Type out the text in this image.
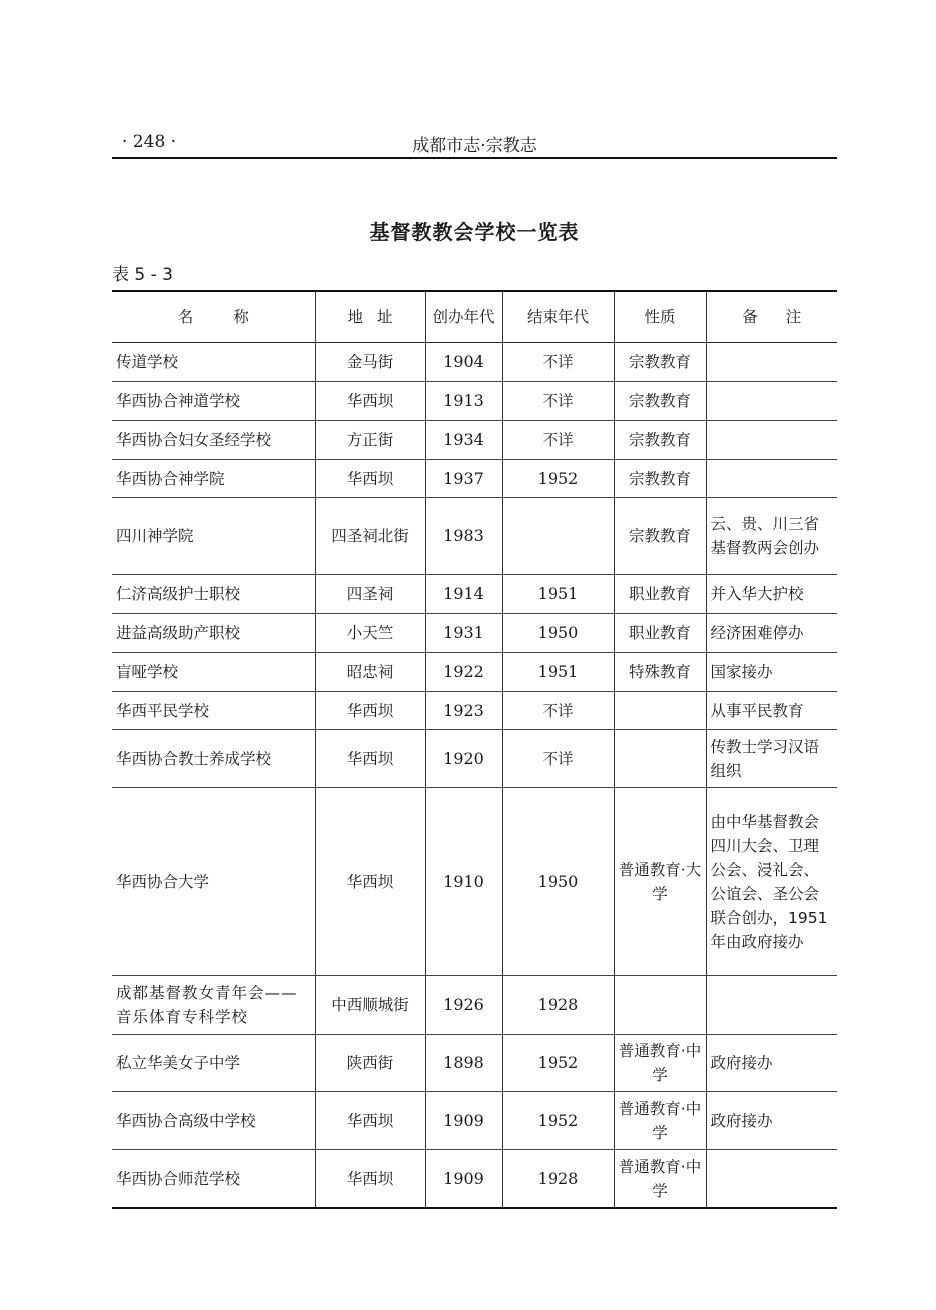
· 248 ·	成都市志·宗教志
基督教教会学校一览表
表 5 - 3
名称	地址	创办年代	结束年代	性质	备注
传道学校	金马街	1904	不详	宗教教育	
华西协合神道学校	华西坝	1913	不详	宗教教育	
华西协合妇女圣经学校	方正街	1934	不详	宗教教育	
华西协合神学院	华西坝	1937	1952	宗教教育	
四川神学院	四圣祠北街	1983		宗教教育	云、贵、川三省基督教两会创办
仁济高级护士职校	四圣祠	1914	1951	职业教育	并入华大护校
进益高级助产职校	小天竺	1931	1950	职业教育	经济困难停办
盲哑学校	昭忠祠	1922	1951	特殊教育	国家接办
华西平民学校	华西坝	1923	不详		从事平民教育
华西协合教士养成学校	华西坝	1920	不详		传教士学习汉语组织
华西协合大学	华西坝	1910	1950	普通教育·大学	由中华基督教会四川大会、卫理公会、浸礼会、公谊会、圣公会联合创办，1951 年由政府接办
成都基督教女青年会——音乐体育专科学校	中西顺城街	1926	1928		
私立华美女子中学	陕西街	1898	1952	普通教育·中学	政府接办
华西协合高级中学校	华西坝	1909	1952	普通教育·中学	政府接办
华西协合师范学校	华西坝	1909	1928	普通教育·中学	
